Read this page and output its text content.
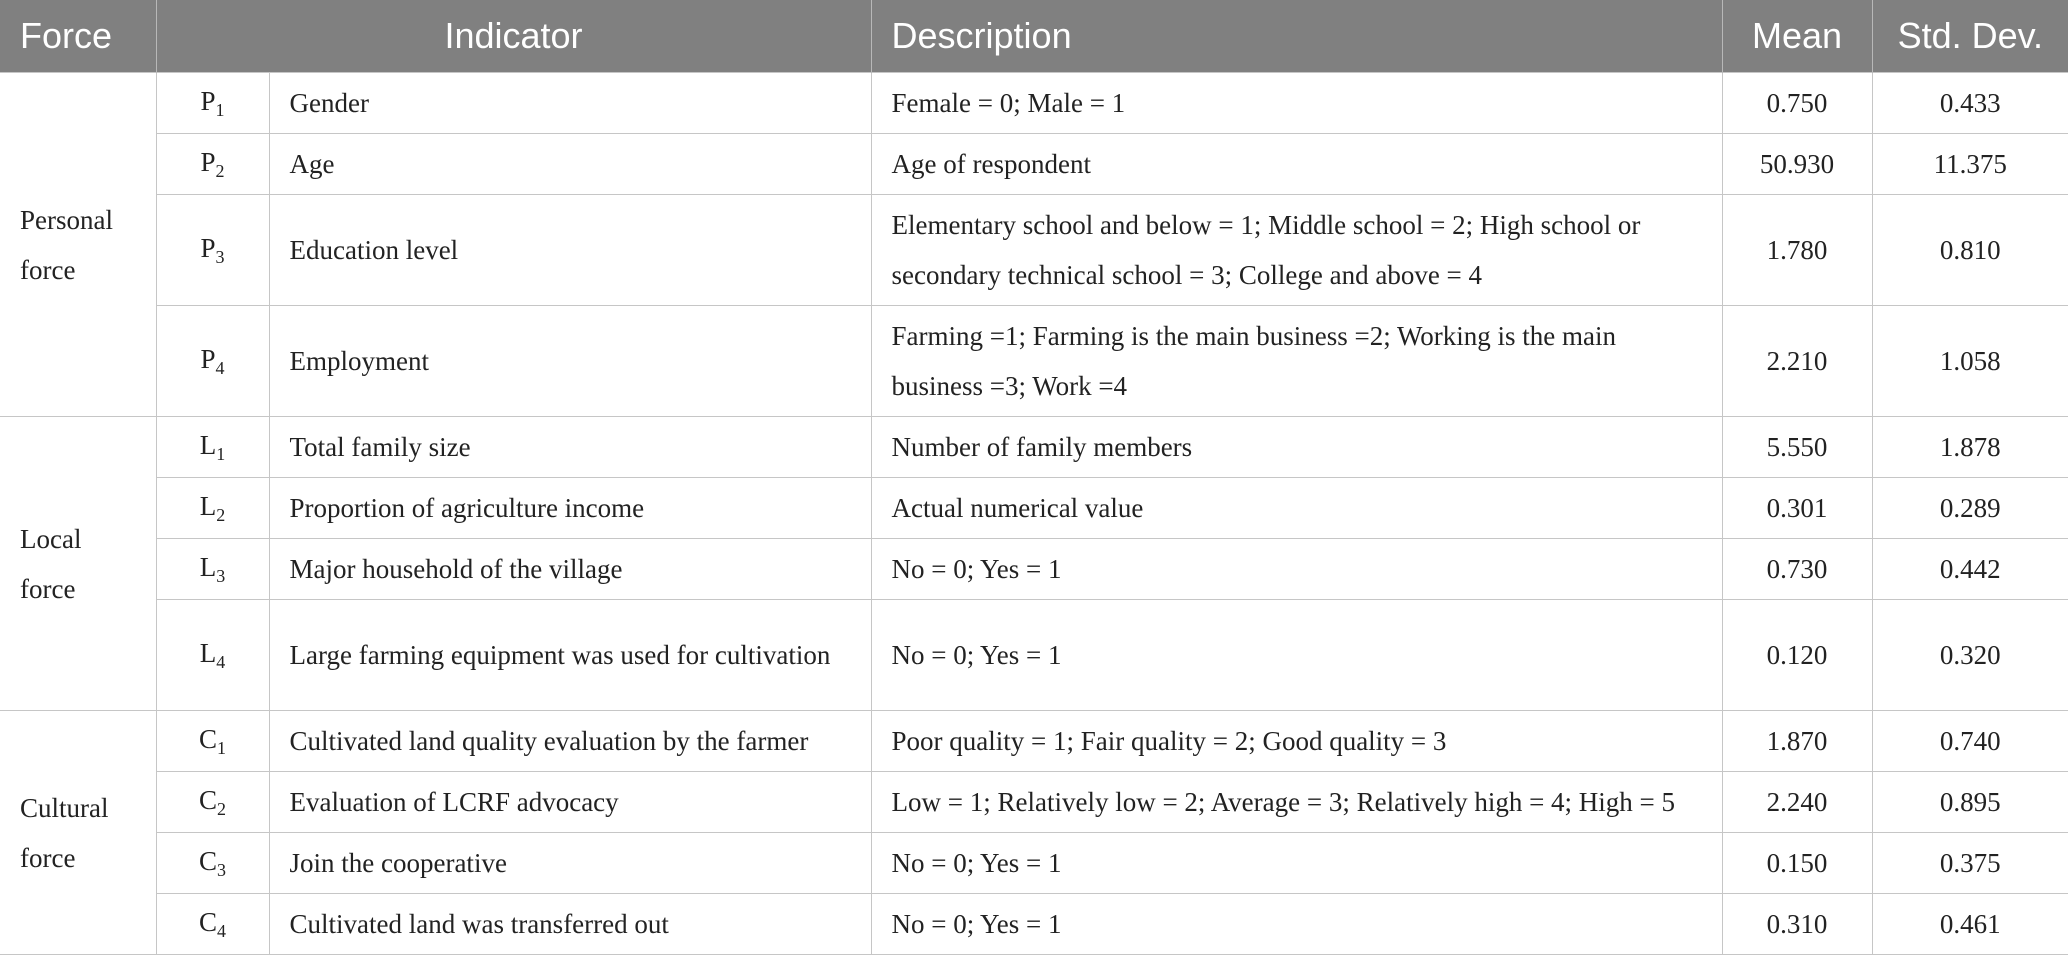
Force	Indicator		Description	Mean	Std. Dev.
Personal force	$P_1$	Gender	Female = 0; Male = 1	0.750	0.433
	$P_2$	Age	Age of respondent	50.930	11.375
	$P_3$	Education level	Elementary school and below = 1; Middle school = 2; High school or secondary technical school = 3; College and above = 4	1.780	0.810
	$P_4$	Employment	Farming =1; Farming is the main business =2; Working is the main business =3; Work =4	2.210	1.058
Local force	$L_1$	Total family size	Number of family members	5.550	1.878
	$L_2$	Proportion of agriculture income	Actual numerical value	0.301	0.289
	$L_3$	Major household of the village	No = 0; Yes = 1	0.730	0.442
	$L_4$	Large farming equipment was used for cultivation	No = 0; Yes = 1	0.120	0.320
Cultural force	$C_1$	Cultivated land quality evaluation by the farmer	Poor quality = 1; Fair quality = 2; Good quality = 3	1.870	0.740
	$C_2$	Evaluation of LCRF advocacy	Low = 1; Relatively low = 2; Average = 3; Relatively high = 4; High = 5	2.240	0.895
	$C_3$	Join the cooperative	No = 0; Yes = 1	0.150	0.375
	$C_4$	Cultivated land was transferred out	No = 0; Yes = 1	0.310	0.461
